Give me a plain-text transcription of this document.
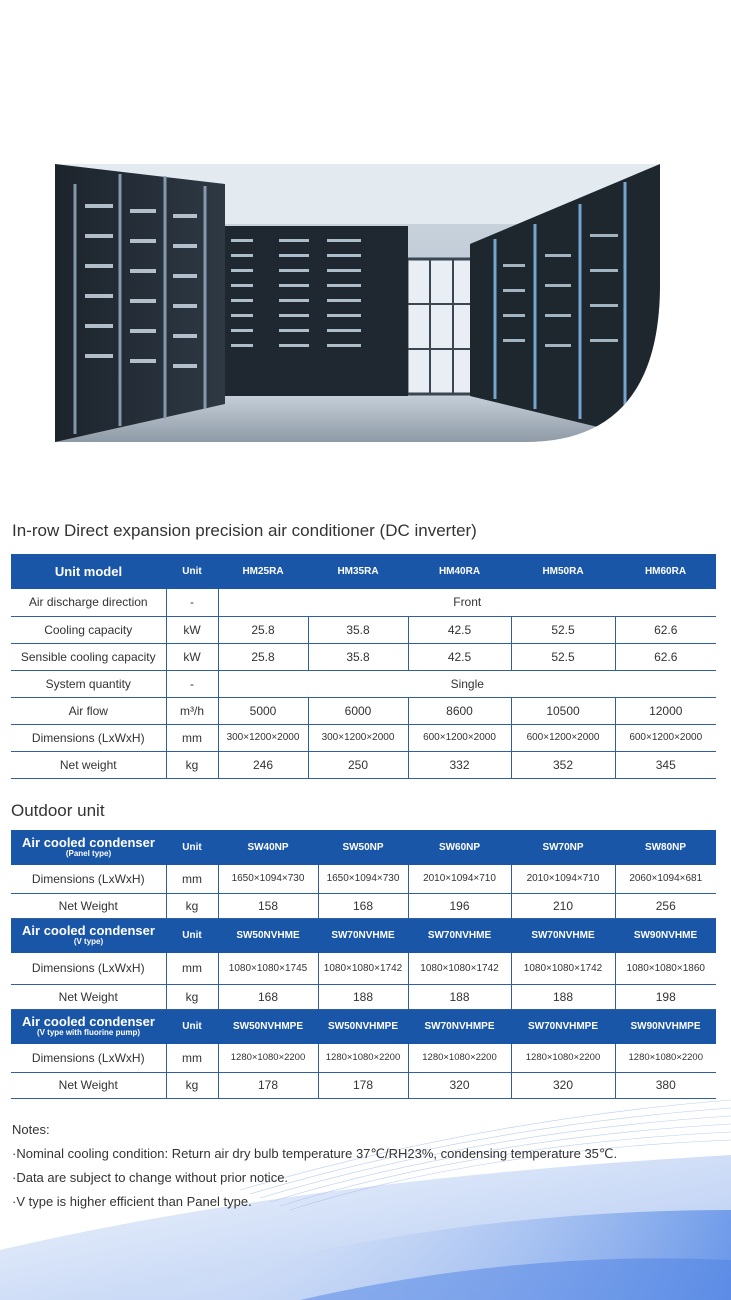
In-row Direct expansion precision air conditioner (DC inverter)
Unit model	Unit	HM25RA	HM35RA	HM40RA	HM50RA	HM60RA
Air discharge direction	-	Front				
Cooling capacity	kW	25.8	35.8	42.5	52.5	62.6
Sensible cooling capacity	kW	25.8	35.8	42.5	52.5	62.6
System quantity	-	Single				
Air flow	m³/h	5000	6000	8600	10500	12000
Dimensions (LxWxH)	mm	300×1200×2000	300×1200×2000	600×1200×2000	600×1200×2000	600×1200×2000
Net weight	kg	246	250	332	352	345
Outdoor unit
Air cooled condenser
(Panel type)	Unit	SW40NP	SW50NP	SW60NP	SW70NP	SW80NP
Dimensions (LxWxH)	mm	1650×1094×730	1650×1094×730	2010×1094×710	2010×1094×710	2060×1094×681
Net Weight	kg	158	168	196	210	256
Air cooled condenser
(V type)	Unit	SW50NVHME	SW70NVHME	SW70NVHME	SW70NVHME	SW90NVHME
Dimensions (LxWxH)	mm	1080×1080×1745	1080×1080×1742	1080×1080×1742	1080×1080×1742	1080×1080×1860
Net Weight	kg	168	188	188	188	198
Air cooled condenser
(V type with fluorine pump)	Unit	SW50NVHMPE	SW50NVHMPE	SW70NVHMPE	SW70NVHMPE	SW90NVHMPE
Dimensions (LxWxH)	mm	1280×1080×2200	1280×1080×2200	1280×1080×2200	1280×1080×2200	1280×1080×2200
Net Weight	kg	178	178	320	320	380
Notes:
·Nominal cooling condition: Return air dry bulb temperature 37℃/RH23%, condensing temperature 35℃.
·Data are subject to change without prior notice.
·V type is higher efficient than Panel type.
